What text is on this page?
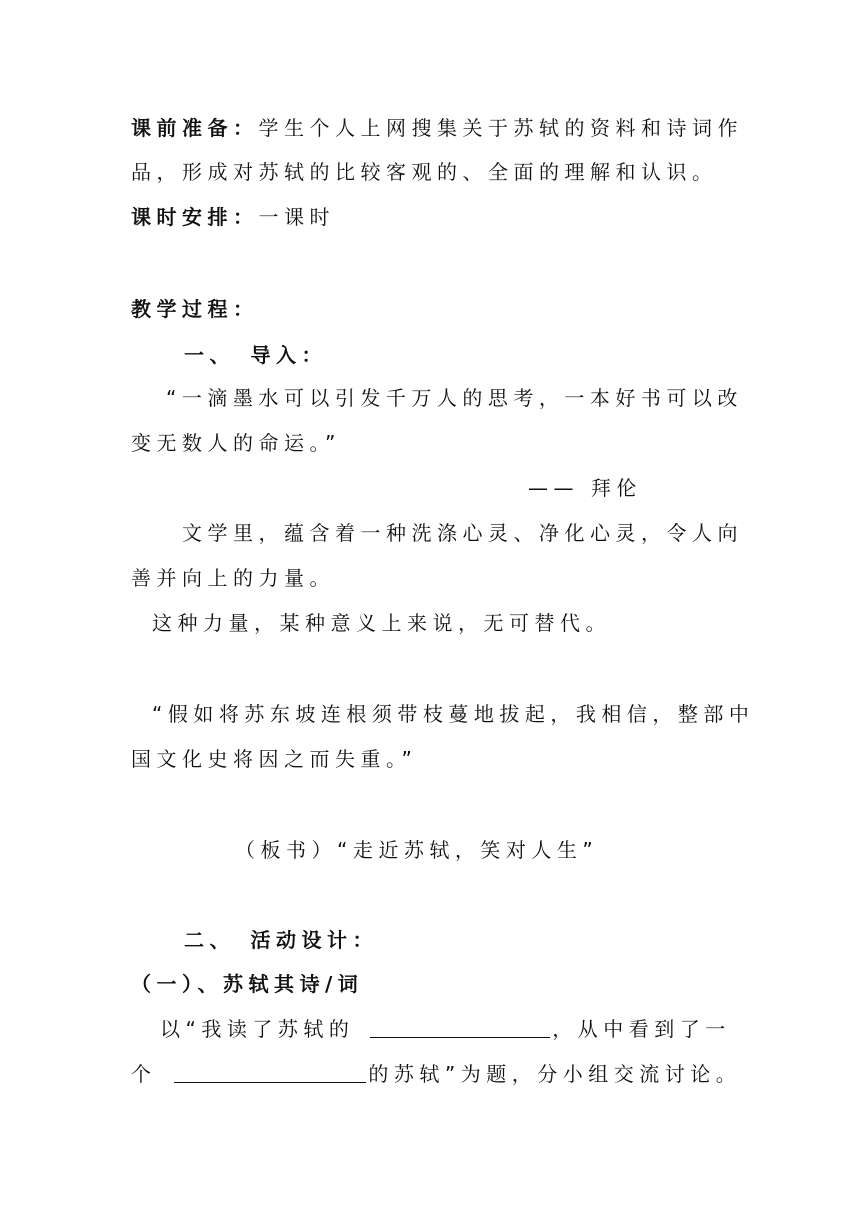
课前准备：学生个人上网搜集关于苏轼的资料和诗词作
品，形成对苏轼的比较客观的、全面的理解和认识。
课时安排：一课时
教学过程：
一、　导入：
“一滴墨水可以引发千万人的思考，一本好书可以改
变无数人的命运。”
—— 拜伦
文学里，蕴含着一种洗涤心灵、净化心灵，令人向
善并向上的力量。
这种力量，某种意义上来说，无可替代。
“假如将苏东坡连根须带枝蔓地拔起，我相信，整部中
国文化史将因之而失重。”
（板书）“走近苏轼，笑对人生”
二、　活动设计：
（一）、苏轼其诗/词
以“我读了苏轼的	，从中看到了一
个	的苏轼”为题，分小组交流讨论。
